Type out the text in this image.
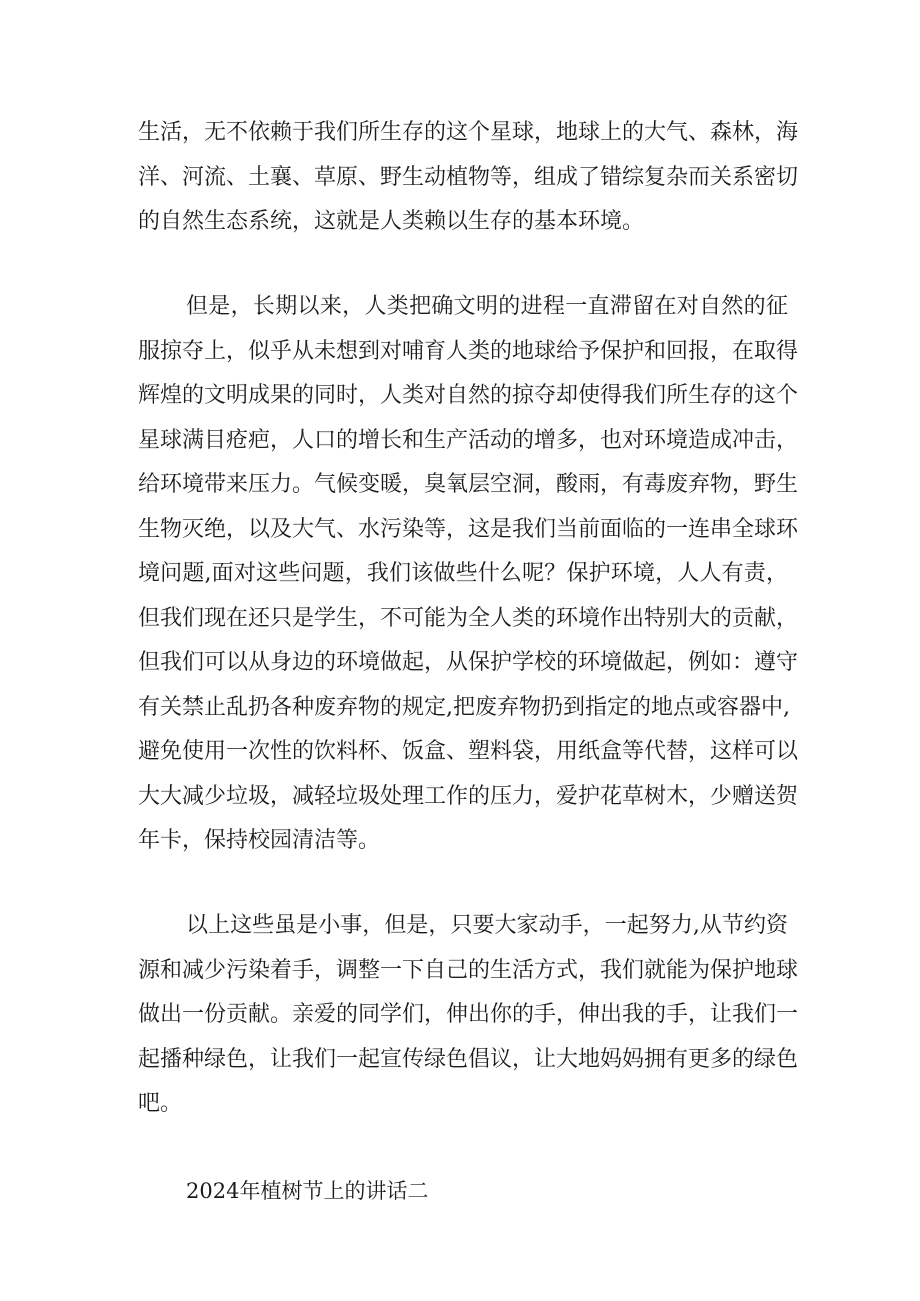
生活，无不依赖于我们所生存的这个星球，地球上的大气、森林，海
洋、河流、土襄、草原、野生动植物等，组成了错综复杂而关系密切
的自然生态系统，这就是人类赖以生存的基本环境。
但是，长期以来，人类把确文明的进程一直滞留在对自然的征
服掠夺上，似乎从未想到对哺育人类的地球给予保护和回报，在取得
辉煌的文明成果的同时，人类对自然的掠夺却使得我们所生存的这个
星球满目疮疤，人口的增长和生产活动的增多，也对环境造成冲击，
给环境带来压力。气候变暖，臭氧层空洞，酸雨，有毒废弃物，野生
生物灭绝，以及大气、水污染等，这是我们当前面临的一连串全球环
境问题,面对这些问题，我们该做些什么呢？保护环境，人人有责，
但我们现在还只是学生，不可能为全人类的环境作出特别大的贡献，
但我们可以从身边的环境做起，从保护学校的环境做起，例如：遵守
有关禁止乱扔各种废弃物的规定,把废弃物扔到指定的地点或容器中,
避免使用一次性的饮料杯、饭盒、塑料袋，用纸盒等代替，这样可以
大大减少垃圾，减轻垃圾处理工作的压力，爱护花草树木，少赠送贺
年卡，保持校园清洁等。
以上这些虽是小事，但是，只要大家动手，一起努力,从节约资
源和减少污染着手，调整一下自己的生活方式，我们就能为保护地球
做出一份贡献。亲爱的同学们，伸出你的手，伸出我的手，让我们一
起播种绿色，让我们一起宣传绿色倡议，让大地妈妈拥有更多的绿色
吧。
2024年植树节上的讲话二
